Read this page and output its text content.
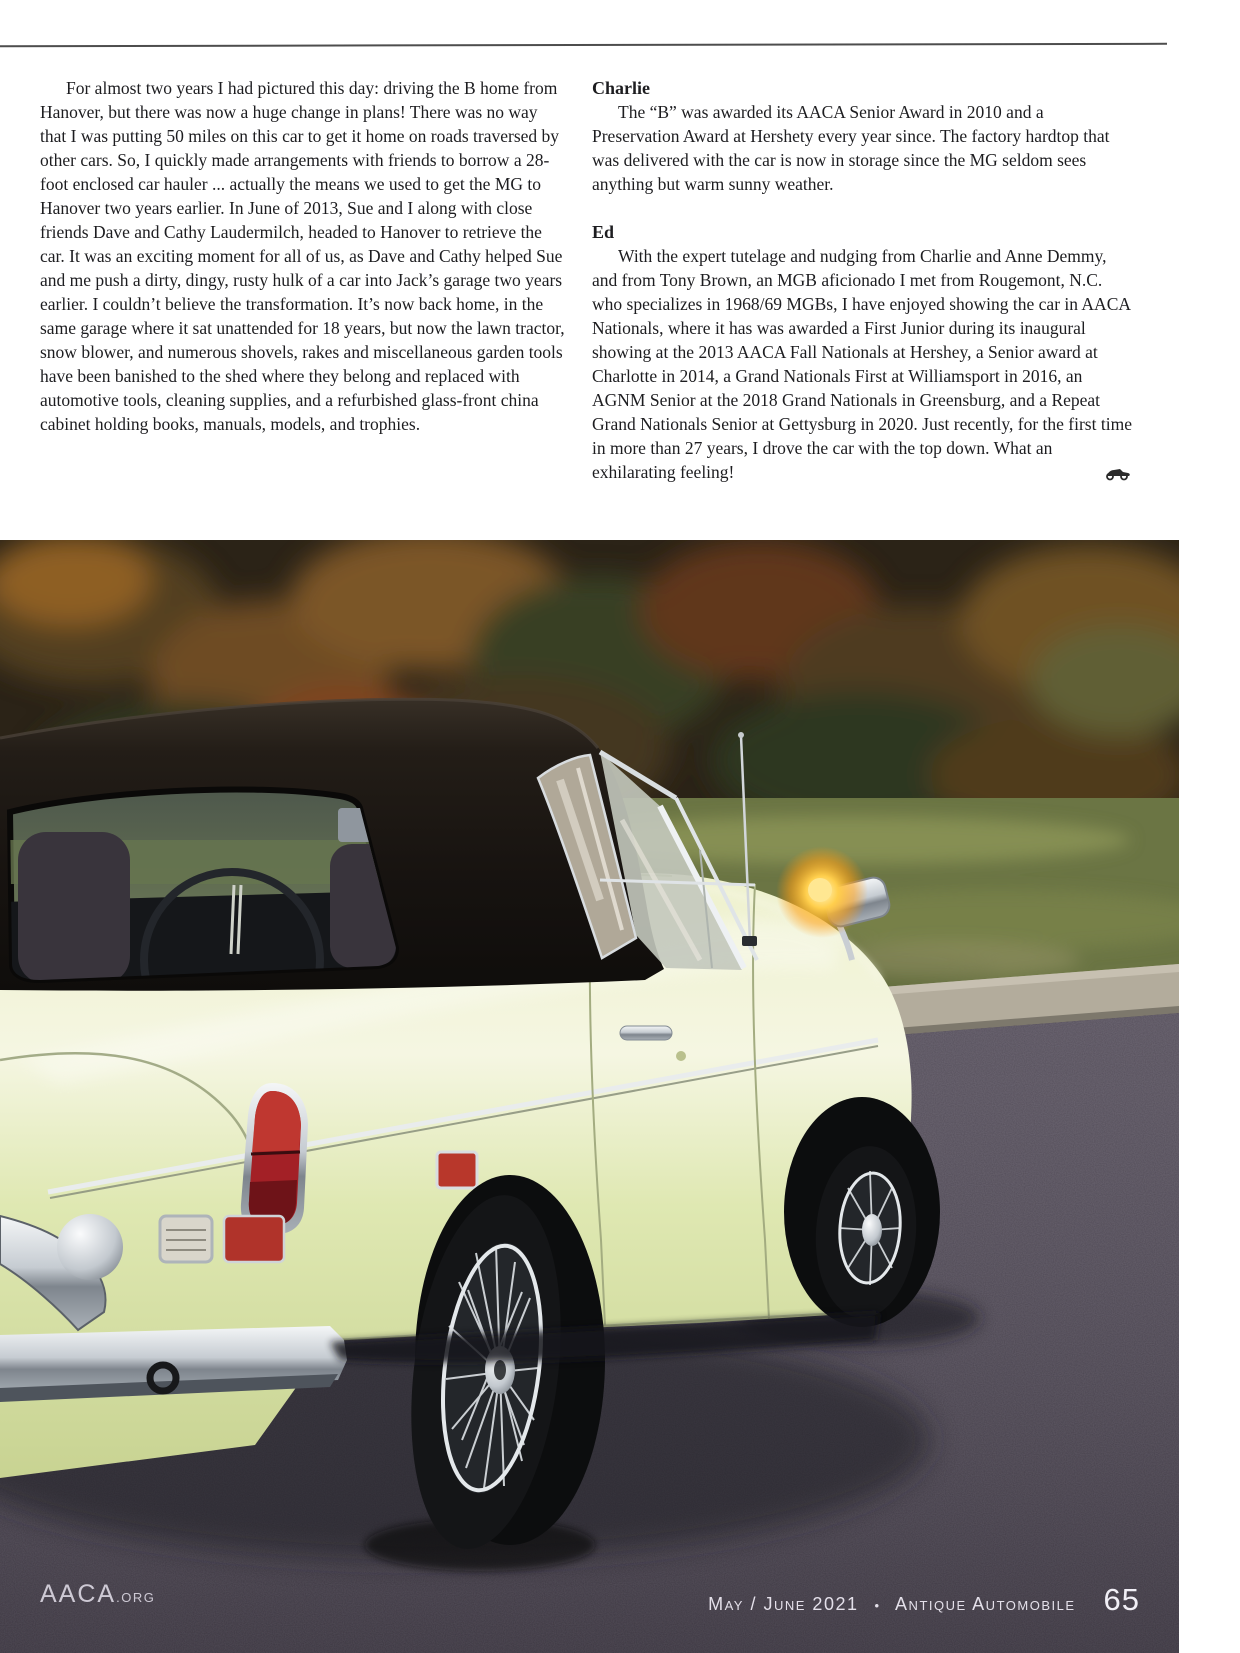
For almost two years I had pictured this day: driving the B home from Hanover, but there was now a huge change in plans! There was no way that I was putting 50 miles on this car to get it home on roads traversed by other cars. So, I quickly made arrangements with friends to borrow a 28-foot enclosed car hauler ... actually the means we used to get the MG to Hanover two years earlier. In June of 2013, Sue and I along with close friends Dave and Cathy Laudermilch, headed to Hanover to retrieve the car. It was an exciting moment for all of us, as Dave and Cathy helped Sue and me push a dirty, dingy, rusty hulk of a car into Jack’s garage two years earlier. I couldn’t believe the transformation. It’s now back home, in the same garage where it sat unattended for 18 years, but now the lawn tractor, snow blower, and numerous shovels, rakes and miscellaneous garden tools have been banished to the shed where they belong and replaced with automotive tools, cleaning supplies, and a refurbished glass-front china cabinet holding books, manuals, models, and trophies.

Charlie

The “B” was awarded its AACA Senior Award in 2010 and a Preservation Award at Hershety every year since. The factory hardtop that was delivered with the car is now in storage since the MG seldom sees anything but warm sunny weather.

Ed

With the expert tutelage and nudging from Charlie and Anne Demmy, and from Tony Brown, an MGB aficionado I met from Rougemont, N.C. who specializes in 1968/69 MGBs, I have enjoyed showing the car in AACA Nationals, where it has was awarded a First Junior during its inaugural showing at the 2013 AACA Fall Nationals at Hershey, a Senior award at Charlotte in 2014, a Grand Nationals First at Williamsport in 2016, an AGNM Senior at the 2018 Grand Nationals in Greensburg, and a Repeat Grand Nationals Senior at Gettysburg in 2020. Just recently, for the first time in more than 27 years, I drove the car with the top down. What an exhilarating feeling!

AACA.ORG	May / June 2021 • Antique Automobile 65
